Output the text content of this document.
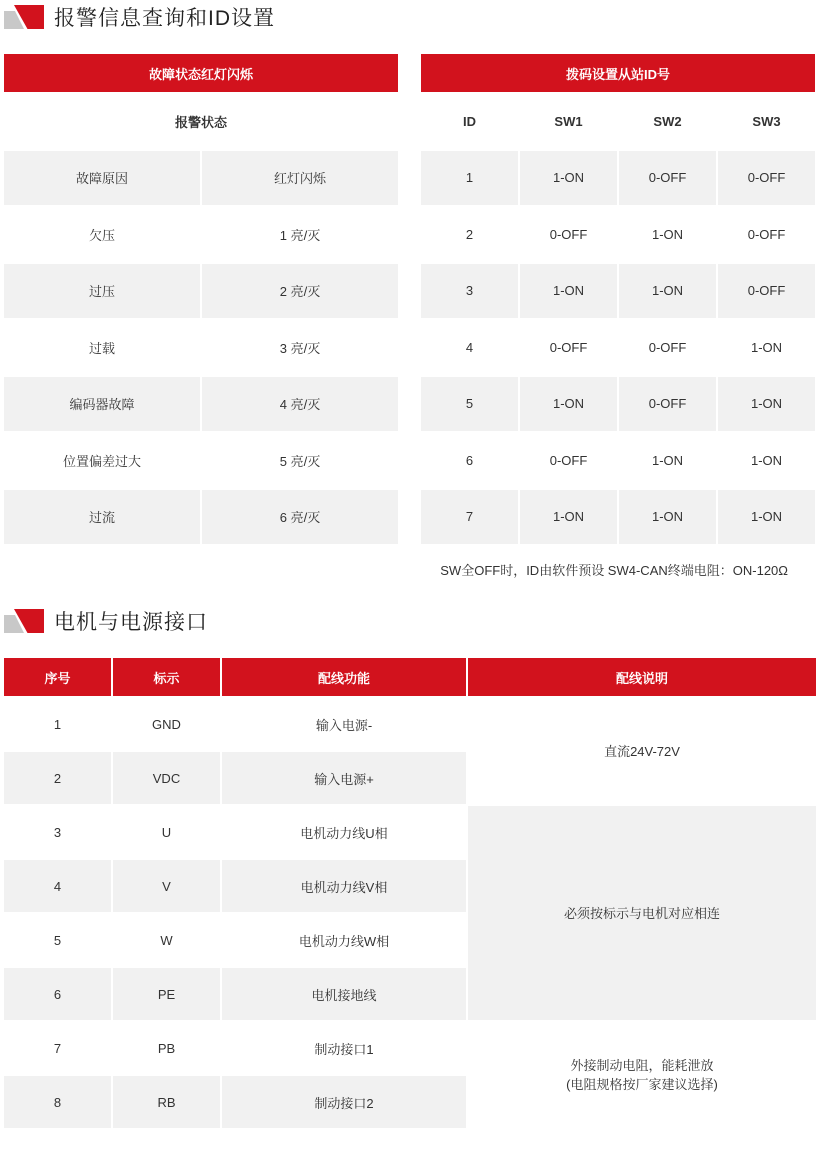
报警信息查询和ID设置
故障状态红灯闪烁	
报警状态	
故障原因	红灯闪烁
欠压	1 亮/灭
过压	2 亮/灭
过载	3 亮/灭
编码器故障	4 亮/灭
位置偏差过大	5 亮/灭
过流	6 亮/灭
拨码设置从站ID号			
ID	SW1	SW2	SW3
1	1-ON	0-OFF	0-OFF
2	0-OFF	1-ON	0-OFF
3	1-ON	1-ON	0-OFF
4	0-OFF	0-OFF	1-ON
5	1-ON	0-OFF	1-ON
6	0-OFF	1-ON	1-ON
7	1-ON	1-ON	1-ON
SW全OFF时，ID由软件预设 SW4-CAN终端电阻：ON-120Ω
电机与电源接口
序号	标示	配线功能	配线说明
1	GND	输入电源-	直流24V-72V
2	VDC	输入电源+	
3	U	电机动力线U相	必须按标示与电机对应相连
4	V	电机动力线V相	
5	W	电机动力线W相	
6	PE	电机接地线	
7	PB	制动接口1	外接制动电阻，能耗泄放
(电阻规格按厂家建议选择)

8	RB	制动接口2	
